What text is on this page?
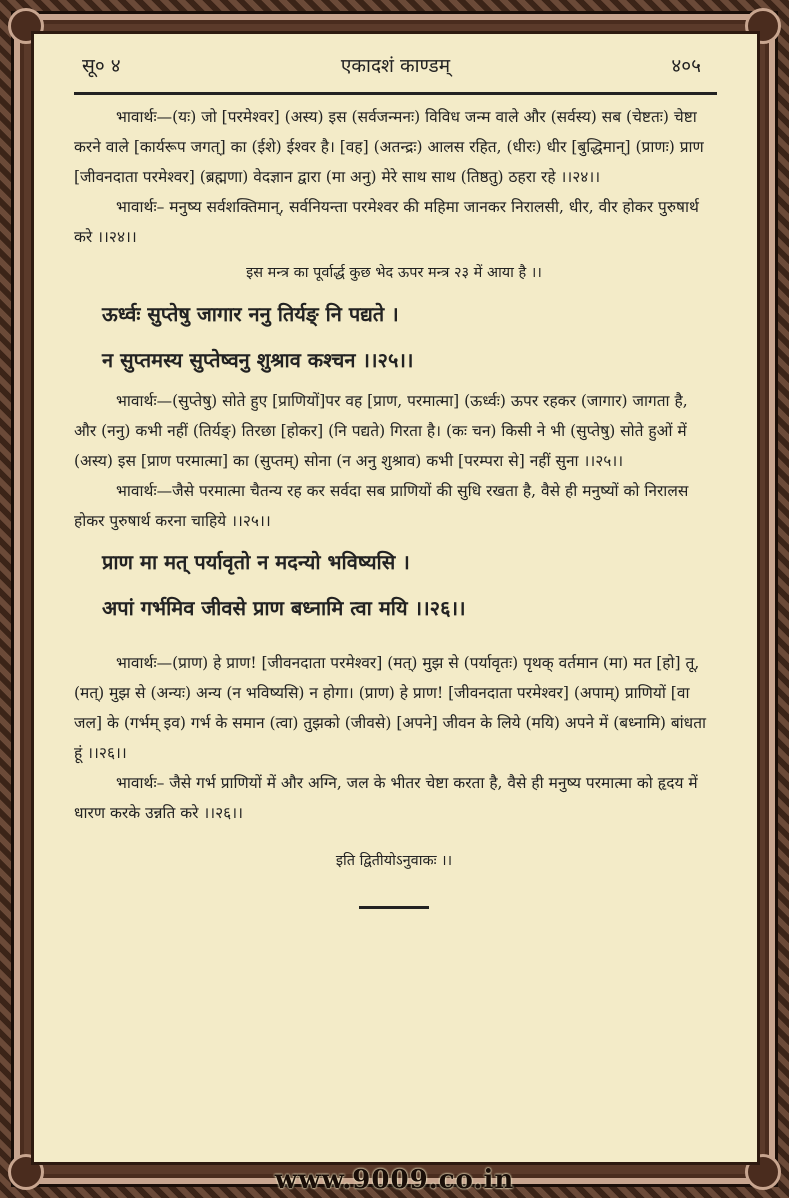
सू० ४	एकादशं काण्डम्	४०५

भावार्थः—(यः) जो [परमेश्वर] (अस्य) इस (सर्वजन्मनः) विविध जन्म वाले और (सर्वस्य) सब (चेष्टतः) चेष्टा करने वाले [कार्यरूप जगत्] का (ईशे) ईश्वर है। [वह] (अतन्द्रः) आलस रहित, (धीरः) धीर [बुद्धिमान्] (प्राणः) प्राण [जीवनदाता परमेश्वर] (ब्रह्मणा) वेदज्ञान द्वारा (मा अनु) मेरे साथ साथ (तिष्ठतु) ठहरा रहे ।।२४।।

भावार्थः– मनुष्य सर्वशक्तिमान्, सर्वनियन्ता परमेश्वर की महिमा जानकर निरालसी, धीर, वीर होकर पुरुषार्थ करे ।।२४।।

इस मन्त्र का पूर्वार्द्ध कुछ भेद ऊपर मन्त्र २३ में आया है ।।
ऊर्ध्वः सुप्तेषु जागार ननु तिर्यङ् नि पद्यते ।
न सुप्तमस्य सुप्तेष्वनु शुश्राव कश्चन ।।२५।।

भावार्थः—(सुप्तेषु) सोते हुए [प्राणियों]पर वह [प्राण, परमात्मा] (ऊर्ध्वः) ऊपर रहकर (जागार) जागता है, और (ननु) कभी नहीं (तिर्यङ्) तिरछा [होकर] (नि पद्यते) गिरता है। (कः चन) किसी ने भी (सुप्तेषु) सोते हुओं में (अस्य) इस [प्राण परमात्मा] का (सुप्तम्) सोना (न अनु शुश्राव) कभी [परम्परा से] नहीं सुना ।।२५।।

भावार्थः—जैसे परमात्मा चैतन्य रह कर सर्वदा सब प्राणियों की सुधि रखता है, वैसे ही मनुष्यों को निरालस होकर पुरुषार्थ करना चाहिये ।।२५।।

प्राण मा मत् पर्यावृतो न मदन्यो भविष्यसि ।
अपां गर्भमिव जीवसे प्राण बध्नामि त्वा मयि ।।२६।।

भावार्थः—(प्राण) हे प्राण! [जीवनदाता परमेश्वर] (मत्) मुझ से (पर्यावृतः) पृथक् वर्तमान (मा) मत [हो] तू, (मत्) मुझ से (अन्यः) अन्य (न भविष्यसि) न होगा। (प्राण) हे प्राण! [जीवनदाता परमेश्वर] (अपाम्) प्राणियों [वा जल] के (गर्भम् इव) गर्भ के समान (त्वा) तुझको (जीवसे) [अपने] जीवन के लिये (मयि) अपने में (बध्नामि) बांधता हूं ।।२६।।

भावार्थः– जैसे गर्भ प्राणियों में और अग्नि, जल के भीतर चेष्टा करता है, वैसे ही मनुष्य परमात्मा को हृदय में धारण करके उन्नति करे ।।२६।।

इति द्वितीयोऽनुवाकः ।।
www.9009.co.in
